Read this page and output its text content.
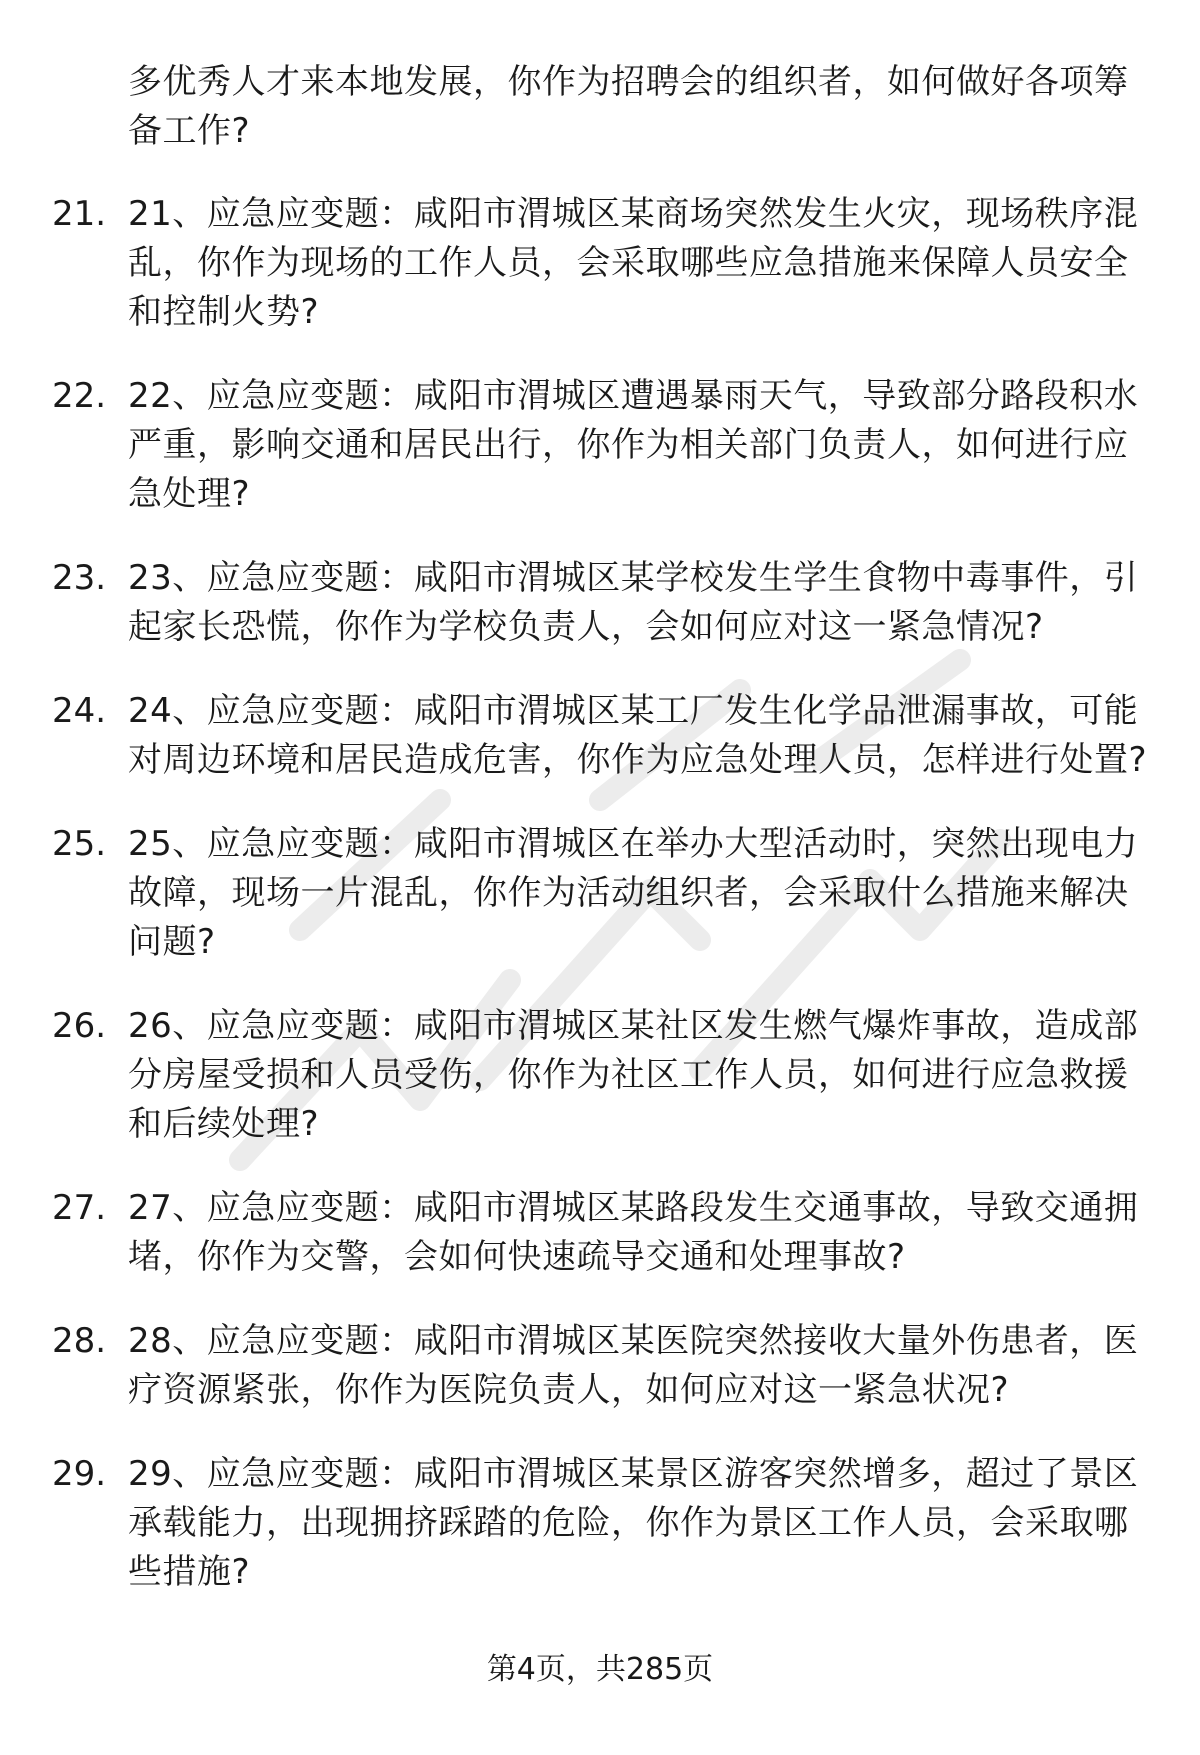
多优秀人才来本地发展，你作为招聘会的组织者，如何做好各项筹备工作?
21. 21、应急应变题：咸阳市渭城区某商场突然发生火灾，现场秩序混乱，你作为现场的工作人员，会采取哪些应急措施来保障人员安全和控制火势?
22. 22、应急应变题：咸阳市渭城区遭遇暴雨天气，导致部分路段积水严重，影响交通和居民出行，你作为相关部门负责人，如何进行应急处理?
23. 23、应急应变题：咸阳市渭城区某学校发生学生食物中毒事件，引起家长恐慌，你作为学校负责人，会如何应对这一紧急情况?
24. 24、应急应变题：咸阳市渭城区某工厂发生化学品泄漏事故，可能对周边环境和居民造成危害，你作为应急处理人员，怎样进行处置?
25. 25、应急应变题：咸阳市渭城区在举办大型活动时，突然出现电力故障，现场一片混乱，你作为活动组织者，会采取什么措施来解决问题?
26. 26、应急应变题：咸阳市渭城区某社区发生燃气爆炸事故，造成部分房屋受损和人员受伤，你作为社区工作人员，如何进行应急救援和后续处理?
27. 27、应急应变题：咸阳市渭城区某路段发生交通事故，导致交通拥堵，你作为交警，会如何快速疏导交通和处理事故?
28. 28、应急应变题：咸阳市渭城区某医院突然接收大量外伤患者，医疗资源紧张，你作为医院负责人，如何应对这一紧急状况?
29. 29、应急应变题：咸阳市渭城区某景区游客突然增多，超过了景区承载能力，出现拥挤踩踏的危险，你作为景区工作人员，会采取哪些措施?
第4页，共285页
